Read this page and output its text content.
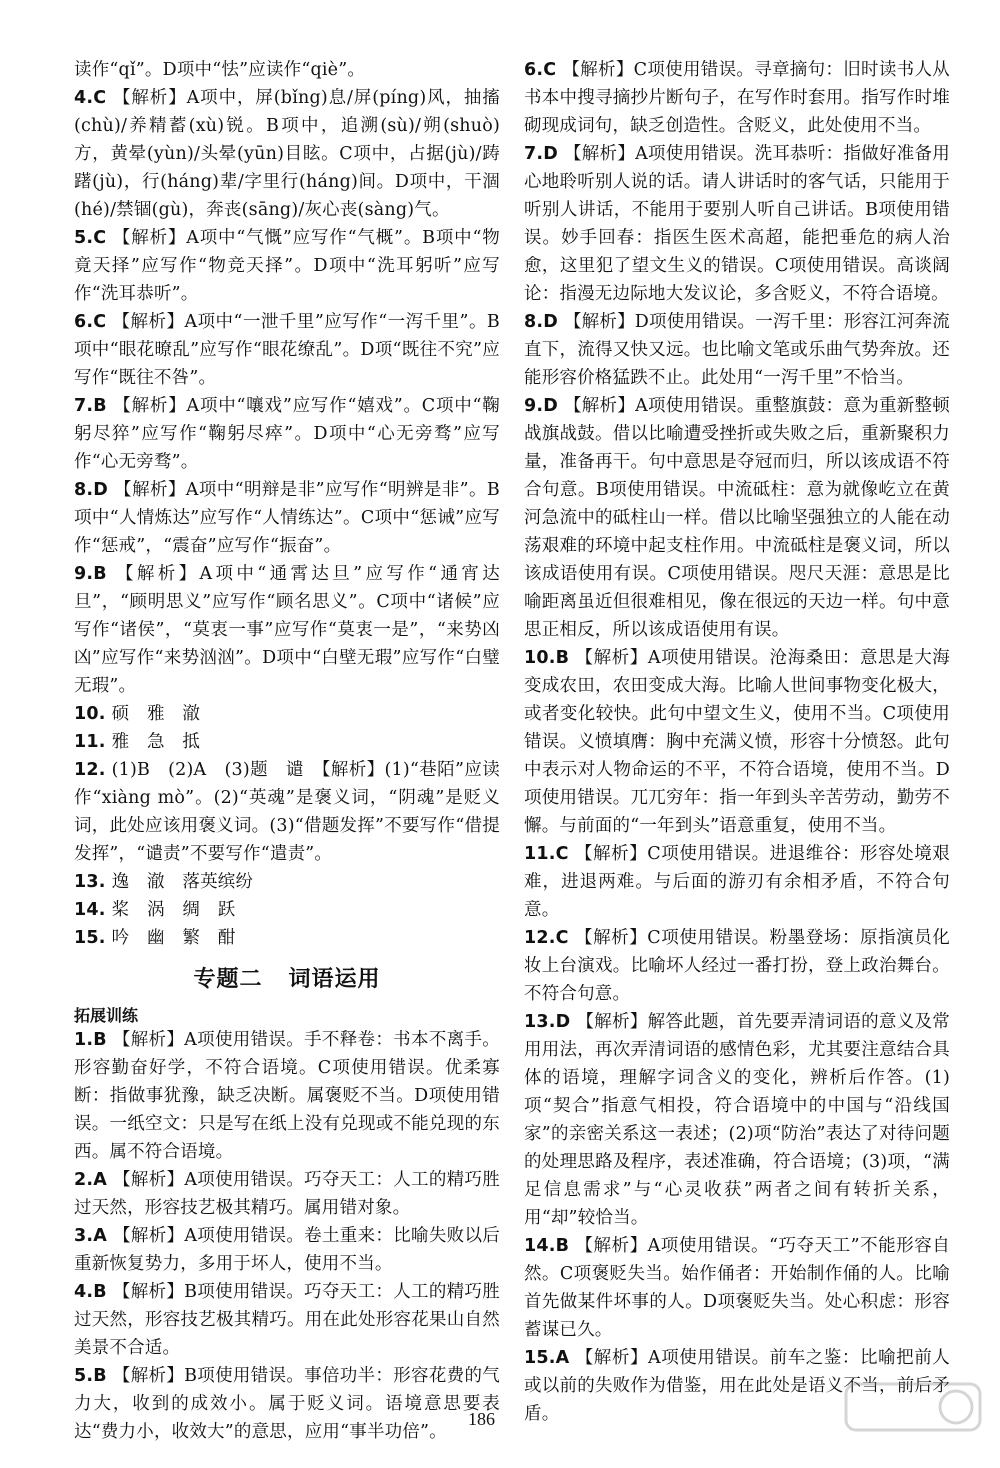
读作“qǐ”。D项中“怯”应读作“qiè”。

4.C 【解析】A项中，屏(bǐng)息/屏(píng)风，抽搐(chù)/养精蓄(xù)锐。B项中，追溯(sù)/朔(shuò)方，黄晕(yùn)/头晕(yūn)目眩。C项中，占据(jù)/踌躇(jù)，行(háng)辈/字里行(háng)间。D项中，干涸(hé)/禁锢(gù)，奔丧(sāng)/灰心丧(sàng)气。

5.C 【解析】A项中“气慨”应写作“气概”。B项中“物竟天择”应写作“物竞天择”。D项中“洗耳躬听”应写作“洗耳恭听”。

6.C 【解析】A项中“一泄千里”应写作“一泻千里”。B项中“眼花暸乱”应写作“眼花缭乱”。D项“既往不究”应写作“既往不咎”。

7.B 【解析】A项中“嚷戏”应写作“嬉戏”。C项中“鞠躬尽猝”应写作“鞠躬尽瘁”。D项中“心无旁骛”应写作“心无旁骛”。

8.D 【解析】A项中“明辩是非”应写作“明辨是非”。B项中“人情炼达”应写作“人情练达”。C项中“惩诫”应写作“惩戒”，“震奋”应写作“振奋”。

9.B 【解析】A项中“通霄达旦”应写作“通宵达旦”，“顾明思义”应写作“顾名思义”。C项中“诸候”应写作“诸侯”，“莫衷一事”应写作“莫衷一是”，“来势凶凶”应写作“来势汹汹”。D项中“白壁无瑕”应写作“白璧无瑕”。

10. 硕　雅　澈

11. 雅　急　抵

12. (1)B　(2)A　(3)题　谴　【解析】(1)“巷陌”应读作“xiàng mò”。(2)“英魂”是褒义词，“阴魂”是贬义词，此处应该用褒义词。(3)“借题发挥”不要写作“借提发挥”，“谴责”不要写作“遣责”。

13. 逸　澈　落英缤纷

14. 桨　涡　绸　跃

15. 吟　幽　繁　酣

专题二 词语运用
拓展训练

1.B 【解析】A项使用错误。手不释卷：书本不离手。形容勤奋好学，不符合语境。C项使用错误。优柔寡断：指做事犹豫，缺乏决断。属褒贬不当。D项使用错误。一纸空文：只是写在纸上没有兑现或不能兑现的东西。属不符合语境。

2.A 【解析】A项使用错误。巧夺天工：人工的精巧胜过天然，形容技艺极其精巧。属用错对象。

3.A 【解析】A项使用错误。卷土重来：比喻失败以后重新恢复势力，多用于坏人，使用不当。

4.B 【解析】B项使用错误。巧夺天工：人工的精巧胜过天然，形容技艺极其精巧。用在此处形容花果山自然美景不合适。

5.B 【解析】B项使用错误。事倍功半：形容花费的气力大，收到的成效小。属于贬义词。语境意思要表达“费力小，收效大”的意思，应用“事半功倍”。

6.C 【解析】C项使用错误。寻章摘句：旧时读书人从书本中搜寻摘抄片断句子，在写作时套用。指写作时堆砌现成词句，缺乏创造性。含贬义，此处使用不当。

7.D 【解析】A项使用错误。洗耳恭听：指做好准备用心地聆听别人说的话。请人讲话时的客气话，只能用于听别人讲话，不能用于要别人听自己讲话。B项使用错误。妙手回春：指医生医术高超，能把垂危的病人治愈，这里犯了望文生义的错误。C项使用错误。高谈阔论：指漫无边际地大发议论，多含贬义，不符合语境。

8.D 【解析】D项使用错误。一泻千里：形容江河奔流直下，流得又快又远。也比喻文笔或乐曲气势奔放。还能形容价格猛跌不止。此处用“一泻千里”不恰当。

9.D 【解析】A项使用错误。重整旗鼓：意为重新整顿战旗战鼓。借以比喻遭受挫折或失败之后，重新聚积力量，准备再干。句中意思是夺冠而归，所以该成语不符合句意。B项使用错误。中流砥柱：意为就像屹立在黄河急流中的砥柱山一样。借以比喻坚强独立的人能在动荡艰难的环境中起支柱作用。中流砥柱是褒义词，所以该成语使用有误。C项使用错误。咫尺天涯：意思是比喻距离虽近但很难相见，像在很远的天边一样。句中意思正相反，所以该成语使用有误。

10.B 【解析】A项使用错误。沧海桑田：意思是大海变成农田，农田变成大海。比喻人世间事物变化极大，或者变化较快。此句中望文生义，使用不当。C项使用错误。义愤填膺：胸中充满义愤，形容十分愤怒。此句中表示对人物命运的不平，不符合语境，使用不当。D项使用错误。兀兀穷年：指一年到头辛苦劳动，勤劳不懈。与前面的“一年到头”语意重复，使用不当。

11.C 【解析】C项使用错误。进退维谷：形容处境艰难，进退两难。与后面的游刃有余相矛盾，不符合句意。

12.C 【解析】C项使用错误。粉墨登场：原指演员化妆上台演戏。比喻坏人经过一番打扮，登上政治舞台。不符合句意。

13.D 【解析】解答此题，首先要弄清词语的意义及常用用法，再次弄清词语的感情色彩，尤其要注意结合具体的语境，理解字词含义的变化，辨析后作答。(1)项“契合”指意气相投，符合语境中的中国与“沿线国家”的亲密关系这一表述；(2)项“防治”表达了对待问题的处理思路及程序，表述准确，符合语境；(3)项，“满足信息需求”与“心灵收获”两者之间有转折关系，用“却”较恰当。

14.B 【解析】A项使用错误。“巧夺天工”不能形容自然。C项褒贬失当。始作俑者：开始制作俑的人。比喻首先做某件坏事的人。D项褒贬失当。处心积虑：形容蓄谋已久。

15.A 【解析】A项使用错误。前车之鉴：比喻把前人或以前的失败作为借鉴，用在此处是语义不当，前后矛盾。

186
